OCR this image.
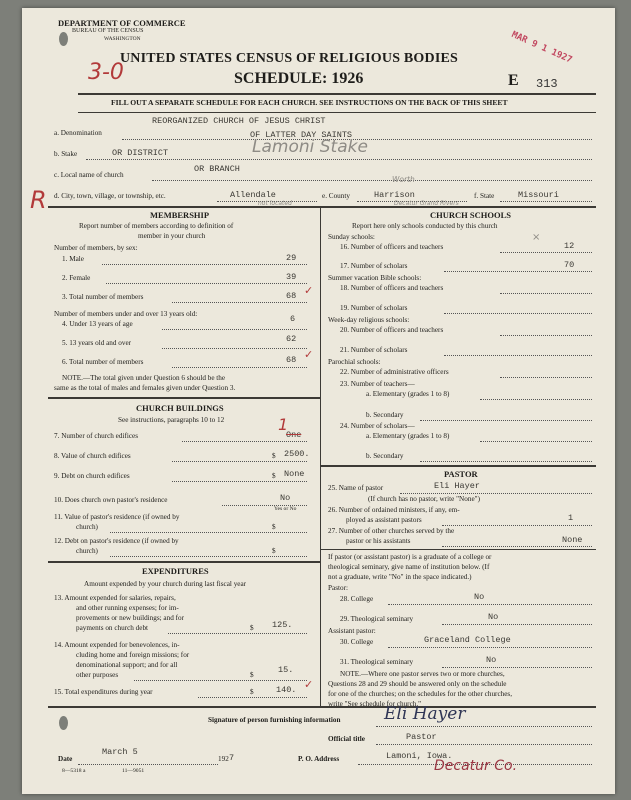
DEPARTMENT OF COMMERCE
BUREAU OF THE CENSUS
WASHINGTON
UNITED STATES CENSUS OF RELIGIOUS BODIES
SCHEDULE: 1926
3-0
MAR 9 1 1927
E 313
FILL OUT A SEPARATE SCHEDULE FOR EACH CHURCH. SEE INSTRUCTIONS ON THE BACK OF THIS SHEET
a. Denomination
REORGANIZED CHURCH OF JESUS CHRIST
OF LATTER DAY SAINTS
b. Stake	OR DISTRICT	Lamoni Stake
c. Local name of church
OR BRANCH
R d. City, town, village, or township, etc.	Allendale
not located
e. County	Harrison
Worth
Decatur Grand Rivers
f. State	Missouri
MEMBERSHIP
Report number of members according to definition of
member in your church
Number of members, by sex:
1. Male	29
2. Female	39
3. Total number of members	68 ✓
Number of members under and over 13 years old:
4. Under 13 years of age	6
5. 13 years old and over	62
6. Total number of members	68 ✓
NOTE.—The total given under Question 6 should be the
same as the total of males and females given under Question 3.
CHURCH BUILDINGS
See instructions, paragraphs 10 to 12
7. Number of church edifices	One
1
8. Value of church edifices	$ 2500.
9. Debt on church edifices	$ None
10. Does church own pastor's residence	No
Yes or No
11. Value of pastor's residence (if owned by
church)	$
12. Debt on pastor's residence (if owned by
church)	$
EXPENDITURES
Amount expended by your church during last fiscal year
13. Amount expended for salaries, repairs,
and other running expenses; for im-
provements or new buildings; and for
payments on church debt	$ 125.
14. Amount expended for benevolences, in-
cluding home and foreign missions; for
denominational support; and for all
other purposes	$	15.
15. Total expenditures during year	$	140. ✓
CHURCH SCHOOLS
Report here only schools conducted by this church
Sunday schools:
16. Number of officers and teachers	12
×
17. Number of scholars	70
Summer vacation Bible schools:
18. Number of officers and teachers
19. Number of scholars
Week-day religious schools:
20. Number of officers and teachers
21. Number of scholars
Parochial schools:
22. Number of administrative officers
23. Number of teachers—
a. Elementary (grades 1 to 8)
b. Secondary
24. Number of scholars—
a. Elementary (grades 1 to 8)
b. Secondary
PASTOR
25. Name of pastor	Eli Hayer
(If church has no pastor, write "None")
26. Number of ordained ministers, if any, em-
ployed as assistant pastors	1
27. Number of other churches served by the
pastor or his assistants	None
If pastor (or assistant pastor) is a graduate of a college or
theological seminary, give name of institution below. (If
not a graduate, write "No" in the space indicated.)
Pastor:
28. College	No
29. Theological seminary	No
Assistant pastor:
30. College	Graceland College
31. Theological seminary	No
NOTE.—Where one pastor serves two or more churches,
Questions 28 and 29 should be answered only on the schedule
for one of the churches; on the schedules for the other churches,
write "See schedule for church."
Signature of person furnishing information	Eli Hayer
Official title	Pastor
Date
March 5
192 7	P. O. Address	Lamoni, Iowa.
Decatur Co.
8—5318 a	11—9051
